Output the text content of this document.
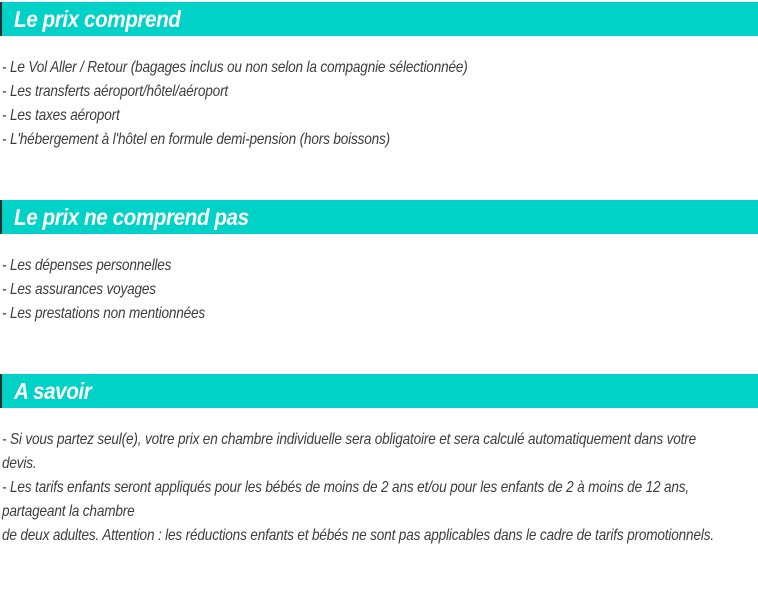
Le prix comprend
- Le Vol Aller / Retour (bagages inclus ou non selon la compagnie sélectionnée)
- Les transferts aéroport/hôtel/aéroport
- Les taxes aéroport
- L'hébergement à l'hôtel en formule demi-pension (hors boissons)
Le prix ne comprend pas
- Les dépenses personnelles
- Les assurances voyages
- Les prestations non mentionnées
A savoir
- Si vous partez seul(e), votre prix en chambre individuelle sera obligatoire et sera calculé automatiquement dans votre
devis.
- Les tarifs enfants seront appliqués pour les bébés de moins de 2 ans et/ou pour les enfants de 2 à moins de 12 ans,
partageant la chambre
de deux adultes. Attention : les réductions enfants et bébés ne sont pas applicables dans le cadre de tarifs promotionnels.
